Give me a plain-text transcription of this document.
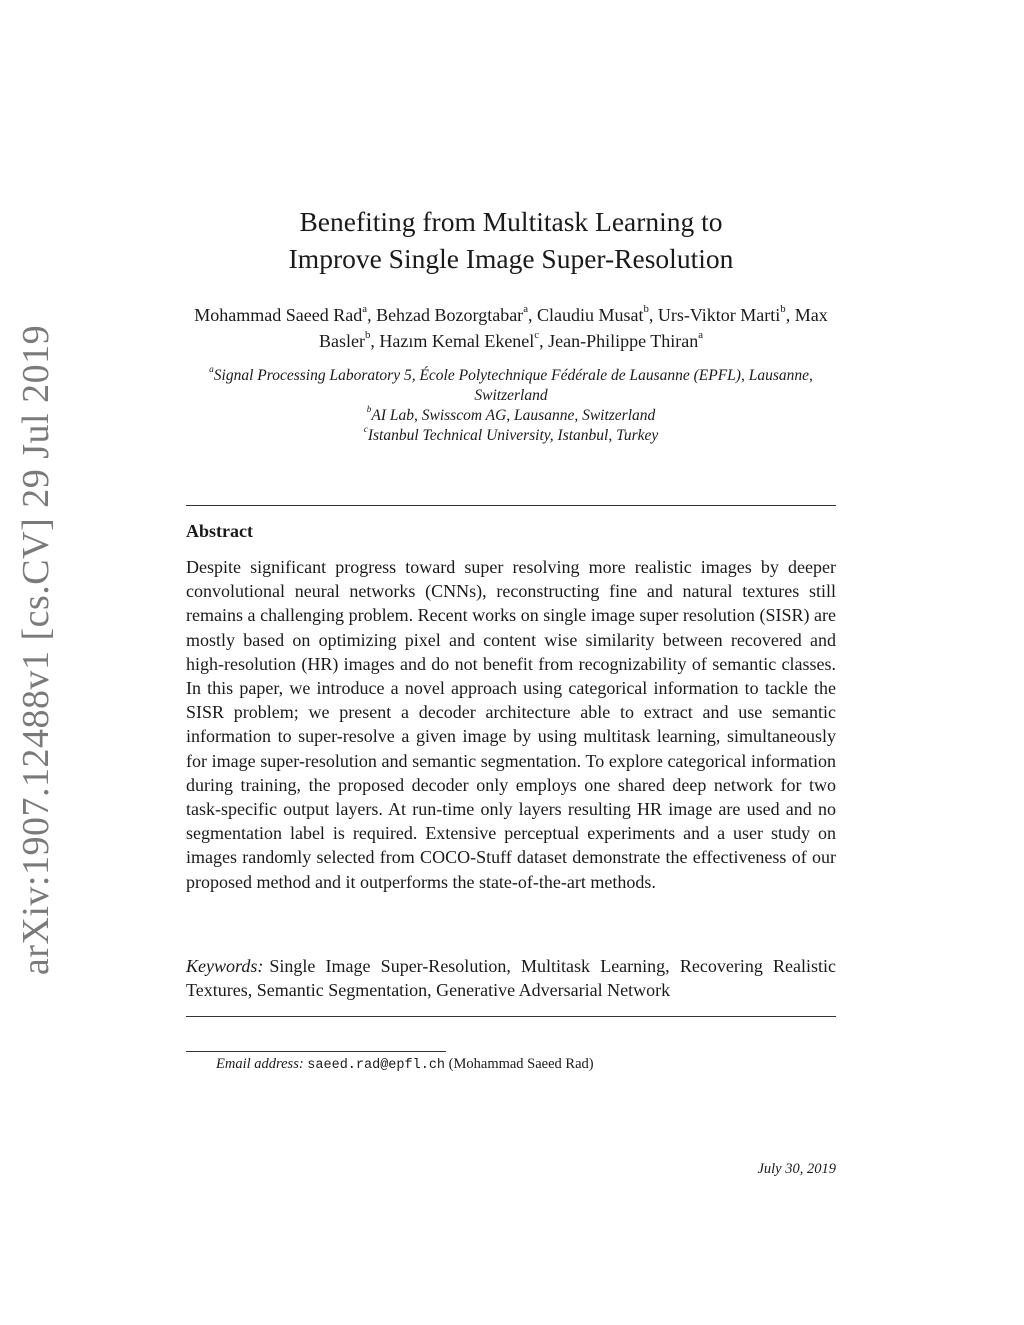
arXiv:1907.12488v1 [cs.CV] 29 Jul 2019
Benefiting from Multitask Learning to
Improve Single Image Super-Resolution
Mohammad Saeed Rad$^a$, Behzad Bozorgtabar$^a$, Claudiu Musat$^b$, Urs-Viktor Marti$^b$, Max Basler$^b$, Hazım Kemal Ekenel$^c$, Jean-Philippe Thiran$^a$
$^a$Signal Processing Laboratory 5, École Polytechnique Fédérale de Lausanne (EPFL), Lausanne, Switzerland
$^b$AI Lab, Swisscom AG, Lausanne, Switzerland
$^c$Istanbul Technical University, Istanbul, Turkey
Abstract
Despite significant progress toward super resolving more realistic images by deeper convolutional neural networks (CNNs), reconstructing fine and natural textures still remains a challenging problem. Recent works on single image super resolution (SISR) are mostly based on optimizing pixel and content wise similarity between recovered and high-resolution (HR) images and do not benefit from recognizability of semantic classes. In this paper, we introduce a novel approach using categorical information to tackle the SISR problem; we present a decoder architecture able to extract and use semantic information to super-resolve a given image by using multitask learning, simultaneously for image super-resolution and semantic segmentation. To explore categorical information during training, the proposed decoder only employs one shared deep network for two task-specific output layers. At run-time only layers resulting HR image are used and no segmentation label is required. Extensive perceptual experiments and a user study on images randomly selected from COCO-Stuff dataset demonstrate the effectiveness of our proposed method and it outperforms the state-of-the-art methods.
Keywords: Single Image Super-Resolution, Multitask Learning, Recovering Realistic Textures, Semantic Segmentation, Generative Adversarial Network
Email address: saeed.rad@epfl.ch (Mohammad Saeed Rad)
July 30, 2019
